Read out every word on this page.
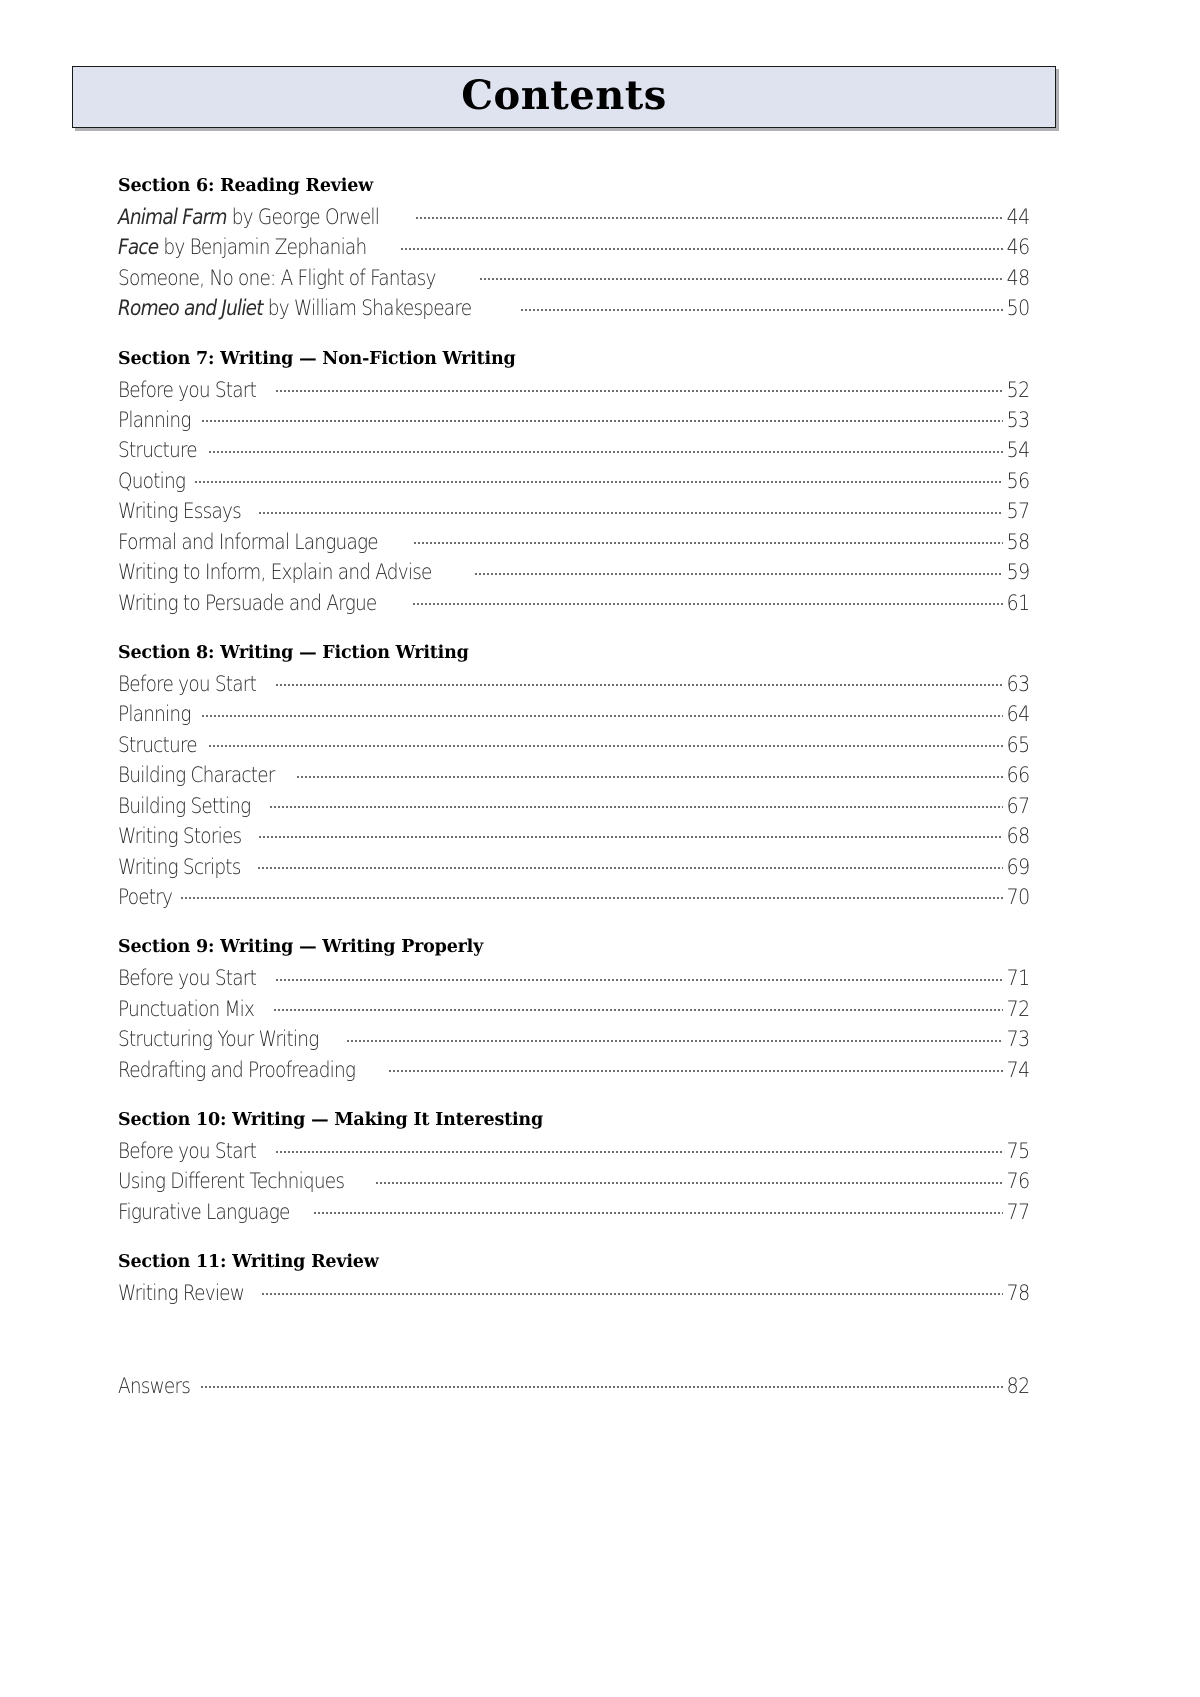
Contents
Section 6: Reading Review
Animal Farm by George Orwell	44
Face by Benjamin Zephaniah	46
Someone, No one: A Flight of Fantasy	48
Romeo and Juliet by William Shakespeare	50
Section 7: Writing — Non-Fiction Writing
Before you Start	52
Planning	53
Structure	54
Quoting	56
Writing Essays	57
Formal and Informal Language	58
Writing to Inform, Explain and Advise	59
Writing to Persuade and Argue	61
Section 8: Writing — Fiction Writing
Before you Start	63
Planning	64
Structure	65
Building Character	66
Building Setting	67
Writing Stories	68
Writing Scripts	69
Poetry	70
Section 9: Writing — Writing Properly
Before you Start	71
Punctuation Mix	72
Structuring Your Writing	73
Redrafting and Proofreading	74
Section 10: Writing — Making It Interesting
Before you Start	75
Using Different Techniques	76
Figurative Language	77
Section 11: Writing Review
Writing Review	78
Answers	82
